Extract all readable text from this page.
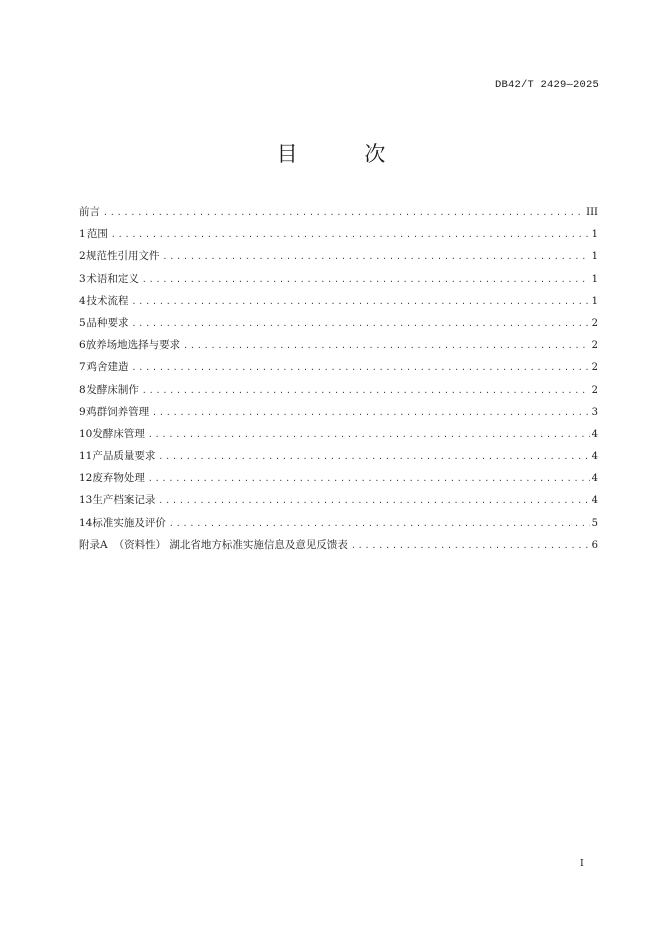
DB42/T 2429—2025
目 次
前言 .....	III
1 范围 .....	1
2 规范性引用文件 .....	1
3 术语和定义 .....	1
4 技术流程 .....	1
5 品种要求 .....	2
6 放养场地选择与要求 .....	2
7 鸡舍建造 .....	2
8 发酵床制作 .....	2
9 鸡群饲养管理 .....	3
10 发酵床管理 .....	4
11 产品质量要求 .....	4
12 废弃物处理 .....	4
13 生产档案记录 .....	4
14 标准实施及评价 .....	5
附录A （资料性） 湖北省地方标准实施信息及意见反馈表 .....	6
I
